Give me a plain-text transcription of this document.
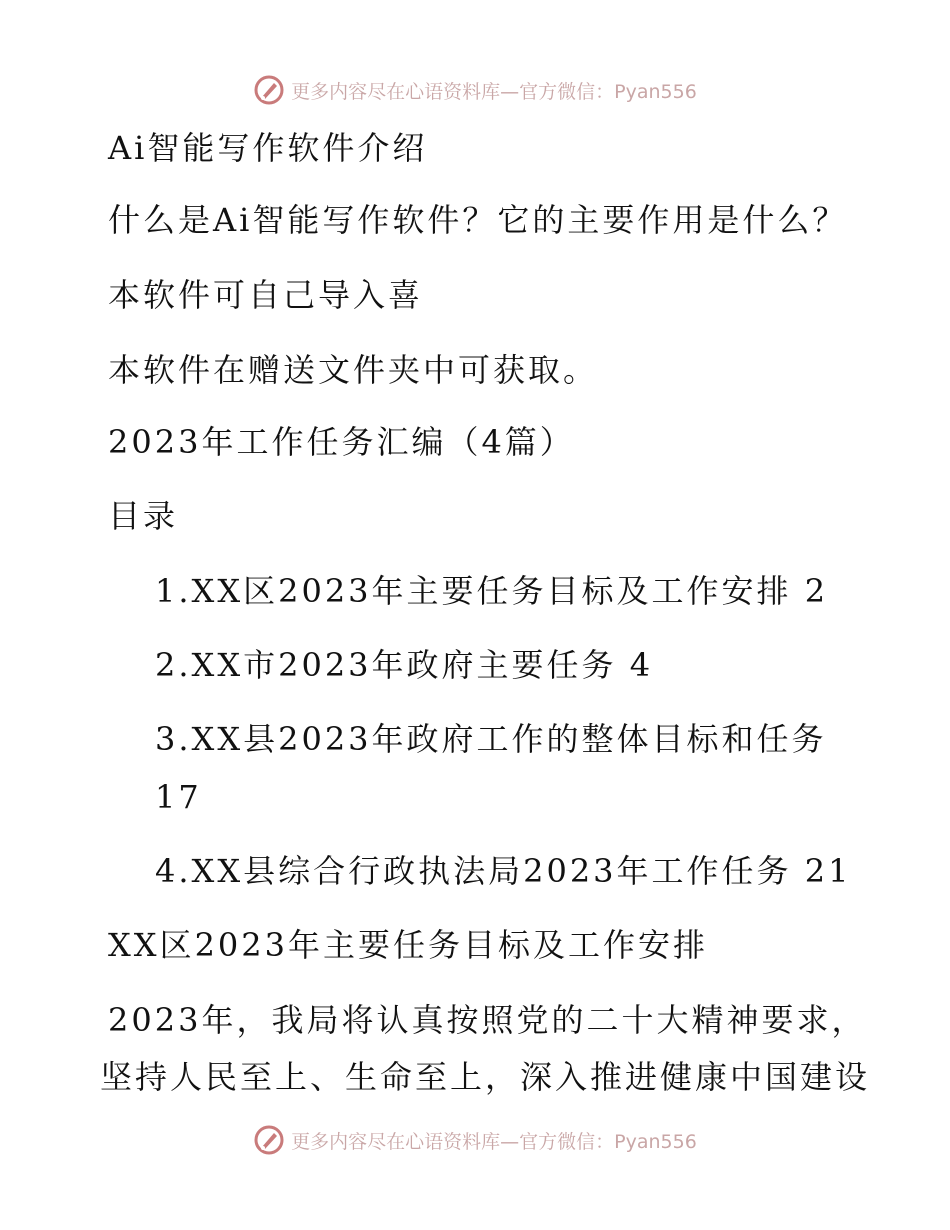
更多内容尽在心语资料库—官方微信：Pyan556
Ai智能写作软件介绍
什么是Ai智能写作软件？它的主要作用是什么？
本软件可自己导入喜
本软件在赠送文件夹中可获取。
2023年工作任务汇编（4篇）
目录
1.XX区2023年主要任务目标及工作安排 2
2.XX市2023年政府主要任务 4
3.XX县2023年政府工作的整体目标和任务
17
4.XX县综合行政执法局2023年工作任务 21
XX区2023年主要任务目标及工作安排
2023年，我局将认真按照党的二十大精神要求，
坚持人民至上、生命至上，深入推进健康中国建设
更多内容尽在心语资料库—官方微信：Pyan556
